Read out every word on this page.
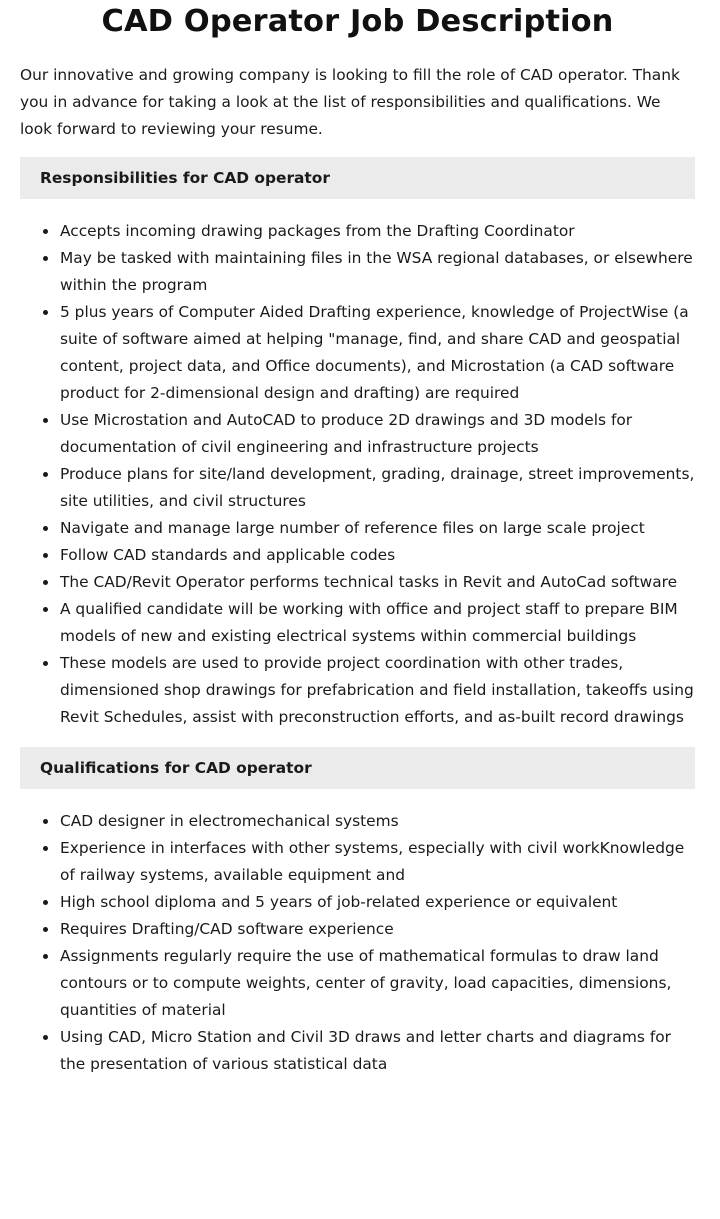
CAD Operator Job Description

Our innovative and growing company is looking to fill the role of CAD operator. Thank you in advance for taking a look at the list of responsibilities and qualifications. We look forward to reviewing your resume.

Responsibilities for CAD operator
Accepts incoming drawing packages from the Drafting Coordinator
May be tasked with maintaining files in the WSA regional databases, or elsewhere within the program
5 plus years of Computer Aided Drafting experience, knowledge of ProjectWise (a suite of software aimed at helping "manage, find, and share CAD and geospatial content, project data, and Office documents), and Microstation (a CAD software product for 2-dimensional design and drafting) are required
Use Microstation and AutoCAD to produce 2D drawings and 3D models for documentation of civil engineering and infrastructure projects
Produce plans for site/land development, grading, drainage, street improvements, site utilities, and civil structures
Navigate and manage large number of reference files on large scale project
Follow CAD standards and applicable codes
The CAD/Revit Operator performs technical tasks in Revit and AutoCad software
A qualified candidate will be working with office and project staff to prepare BIM models of new and existing electrical systems within commercial buildings
These models are used to provide project coordination with other trades, dimensioned shop drawings for prefabrication and field installation, takeoffs using Revit Schedules, assist with preconstruction efforts, and as-built record drawings
Qualifications for CAD operator
CAD designer in electromechanical systems
Experience in interfaces with other systems, especially with civil workKnowledge of railway systems, available equipment and
High school diploma and 5 years of job-related experience or equivalent
Requires Drafting/CAD software experience
Assignments regularly require the use of mathematical formulas to draw land contours or to compute weights, center of gravity, load capacities, dimensions, quantities of material
Using CAD, Micro Station and Civil 3D draws and letter charts and diagrams for the presentation of various statistical data
